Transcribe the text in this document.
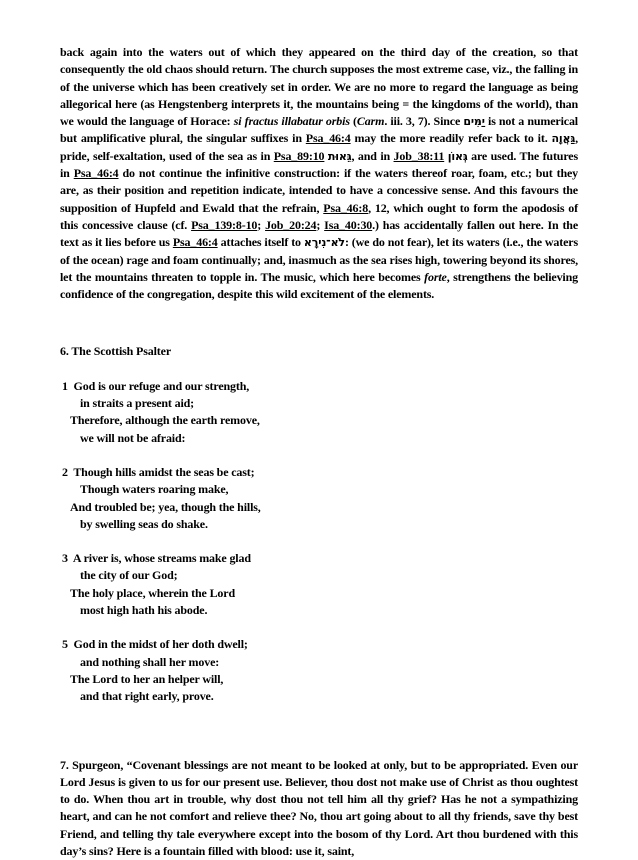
back again into the waters out of which they appeared on the third day of the creation, so that consequently the old chaos should return. The church supposes the most extreme case, viz., the falling in of the universe which has been creatively set in order. We are no more to regard the language as being allegorical here (as Hengstenberg interprets it, the mountains being = the kingdoms of the world), than we would the language of Horace: si fractus illabatur orbis (Carm. iii. 3, 7). Since יַמִּים is not a numerical but amplificative plural, the singular suffixes in Psa_46:4 may the more readily refer back to it. גַּאֲוָה, pride, self-exaltation, used of the sea as in Psa_89:10 גֵּאוּת, and in Job_38:11 גְּאוֹן are used. The futures in Psa_46:4 do not continue the infinitive construction: if the waters thereof roar, foam, etc.; but they are, as their position and repetition indicate, intended to have a concessive sense. And this favours the supposition of Hupfeld and Ewald that the refrain, Psa_46:8, 12, which ought to form the apodosis of this concessive clause (cf. Psa_139:8-10; Job_20:24; Isa_40:30.) has accidentally fallen out here. In the text as it lies before us Psa_46:4 attaches itself to לֹא־נִירָא: (we do not fear), let its waters (i.e., the waters of the ocean) rage and foam continually; and, inasmuch as the sea rises high, towering beyond its shores, let the mountains threaten to topple in. The music, which here becomes forte, strengthens the believing confidence of the congregation, despite this wild excitement of the elements.

6. The Scottish Psalter

1  God is our refuge and our strength,

in straits a present aid;

Therefore, although the earth remove,

we will not be afraid:

2  Though hills amidst the seas be cast;

Though waters roaring make,

And troubled be; yea, though the hills,

by swelling seas do shake.

3  A river is, whose streams make glad

the city of our God;

The holy place, wherein the Lord

most high hath his abode.

5  God in the midst of her doth dwell;

and nothing shall her move:

The Lord to her an helper will,

and that right early, prove.

7. Spurgeon, “Covenant blessings are not meant to be looked at only, but to be appropriated. Even our Lord Jesus is given to us for our present use. Believer, thou dost not make use of Christ as thou oughtest to do. When thou art in trouble, why dost thou not tell him all thy grief? Has he not a sympathizing heart, and can he not comfort and relieve thee? No, thou art going about to all thy friends, save thy best Friend, and telling thy tale everywhere except into the bosom of thy Lord. Art thou burdened with this day’s sins? Here is a fountain filled with blood: use it, saint,
